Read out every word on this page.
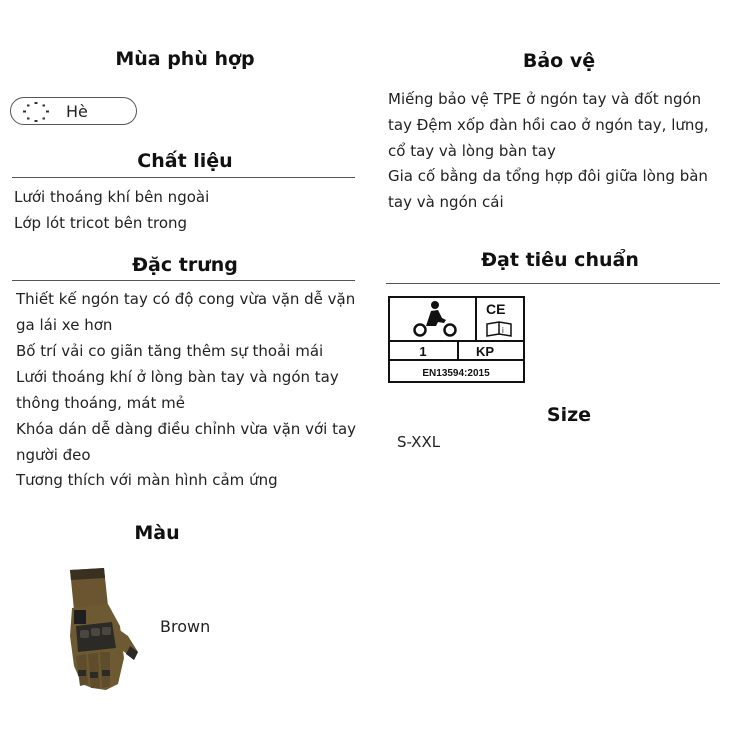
Mùa phù hợp
Hè
Chất liệu
Lưới thoáng khí bên ngoài
Lớp lót tricot bên trong
Đặc trưng
Thiết kế ngón tay có độ cong vừa vặn dễ vặn
ga lái xe hơn
Bố trí vải co giãn tăng thêm sự thoải mái
Lưới thoáng khí ở lòng bàn tay và ngón tay
thông thoáng, mát mẻ
Khóa dán dễ dàng điều chỉnh vừa vặn với tay
người đeo
Tương thích với màn hình cảm ứng
Màu
Brown
Bảo vệ
Miếng bảo vệ TPE ở ngón tay và đốt ngón
tay Đệm xốp đàn hồi cao ở ngón tay, lưng,
cổ tay và lòng bàn tay
Gia cố bằng da tổng hợp đôi giữa lòng bàn
tay và ngón cái
Đạt tiêu chuẩn
CE
i
1	KP
EN13594:2015
Size
S-XXL
